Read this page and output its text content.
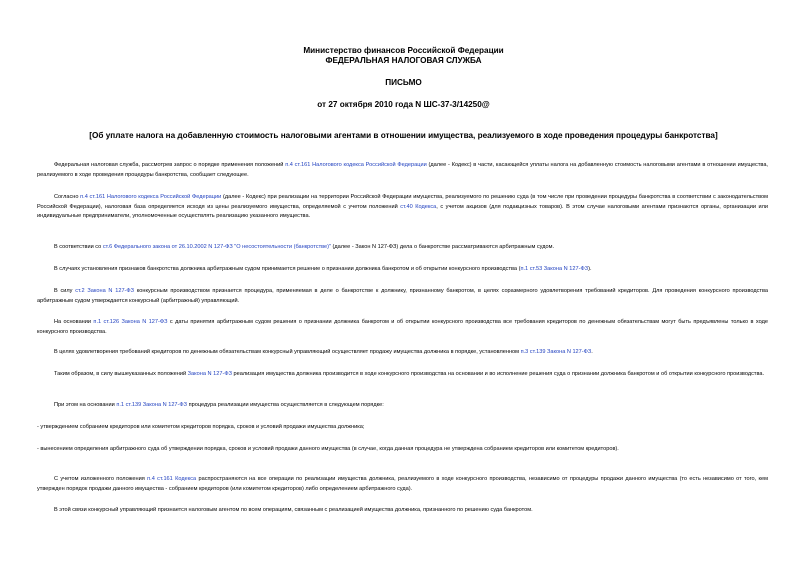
Министерство финансов Российской Федерации
ФЕДЕРАЛЬНАЯ НАЛОГОВАЯ СЛУЖБА
ПИСЬМО
от 27 октября 2010 года N ШС-37-3/14250@
[Об уплате налога на добавленную стоимость налоговыми агентами в отношении имущества, реализуемого в ходе проведения процедуры банкротства]
Федеральная налоговая служба, рассмотрев запрос о порядке применения положений п.4 ст.161 Налогового кодекса Российской Федерации (далее - Кодекс) в части, касающейся уплаты налога на добавленную стоимость налоговыми агентами в отношении имущества, реализуемого в ходе проведения процедуры банкротства, сообщает следующее.
Согласно п.4 ст.161 Налогового кодекса Российской Федерации (далее - Кодекс) при реализации на территории Российской Федерации имущества, реализуемого по решению суда (в том числе при проведении процедуры банкротства в соответствии с законодательством Российской Федерации), налоговая база определяется исходя из цены реализуемого имущества, определяемой с учетом положений ст.40 Кодекса, с учетом акцизов (для подакцизных товаров). В этом случае налоговыми агентами признаются органы, организации или индивидуальные предприниматели, уполномоченные осуществлять реализацию указанного имущества.
В соответствии со ст.6 Федерального закона от 26.10.2002 N 127-ФЗ "О несостоятельности (банкротстве)" (далее - Закон N 127-ФЗ) дела о банкротстве рассматриваются арбитражным судом.
В случаях установления признаков банкротства должника арбитражным судом принимается решение о признании должника банкротом и об открытии конкурсного производства (п.1 ст.53 Закона N 127-ФЗ).
В силу ст.2 Закона N 127-ФЗ конкурсным производством признается процедура, применяемая в деле о банкротстве к должнику, признанному банкротом, в целях соразмерного удовлетворения требований кредиторов. Для проведения конкурсного производства арбитражным судом утверждается конкурсный (арбитражный) управляющий.
На основании п.1 ст.126 Закона N 127-ФЗ с даты принятия арбитражным судом решения о признании должника банкротом и об открытии конкурсного производства все требования кредиторов по денежным обязательствам могут быть предъявлены только в ходе конкурсного производства.
В целях удовлетворения требований кредиторов по денежным обязательствам конкурсный управляющий осуществляет продажу имущества должника в порядке, установленном п.3 ст.139 Закона N 127-ФЗ.
Таким образом, в силу вышеуказанных положений Закона N 127-ФЗ реализация имущества должника производится в ходе конкурсного производства на основании и во исполнение решения суда о признании должника банкротом и об открытии конкурсного производства.
При этом на основании п.1 ст.139 Закона N 127-ФЗ процедура реализации имущества осуществляется в следующем порядке:
- утверждением собранием кредиторов или комитетом кредиторов порядка, сроков и условий продажи имущества должника;
- вынесением определения арбитражного суда об утверждении порядка, сроков и условий продажи данного имущества (в случае, когда данная процедура не утверждена собранием кредиторов или комитетом кредиторов).
С учетом изложенного положения п.4 ст.161 Кодекса распространяются на все операции по реализации имущества должника, реализуемого в ходе конкурсного производства, независимо от процедуры продажи данного имущества (то есть независимо от того, кем утвержден порядок продажи данного имущества - собранием кредиторов (или комитетом кредиторов) либо определением арбитражного суда).
В этой связи конкурсный управляющий признается налоговым агентом по всем операциям, связанным с реализацией имущества должника, признанного по решению суда банкротом.
